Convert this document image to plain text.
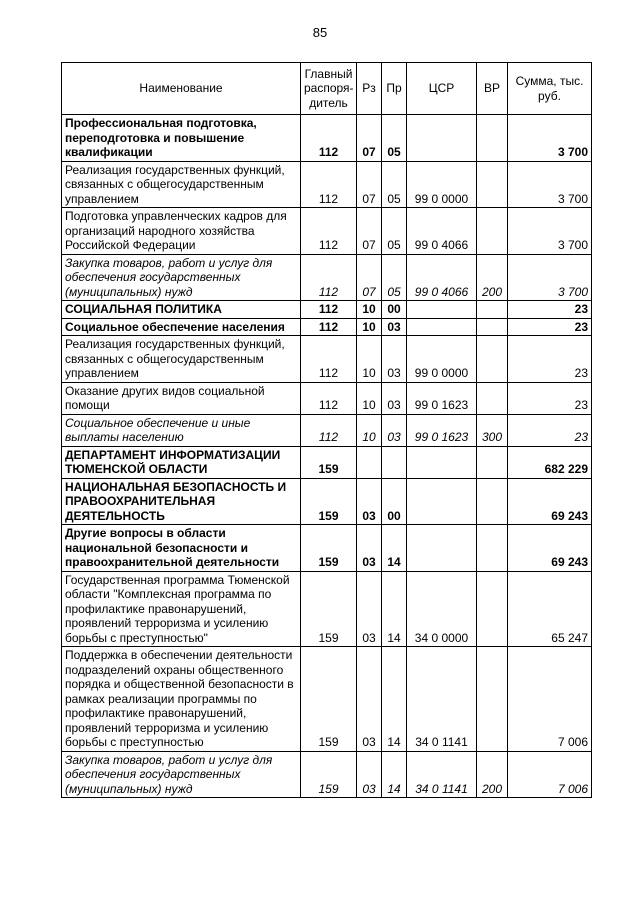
85
Наименование	Главный распоря-дитель	Рз	Пр	ЦСР	ВР	Сумма, тыс. руб.
Профессиональная подготовка, переподготовка и повышение квалификации	112	07	05			3 700
Реализация государственных функций, связанных с общегосударственным управлением	112	07	05	99 0 0000		3 700
Подготовка управленческих кадров для организаций народного хозяйства Российской Федерации	112	07	05	99 0 4066		3 700
Закупка товаров, работ и услуг для обеспечения государственных (муниципальных) нужд	112	07	05	99 0 4066	200	3 700
СОЦИАЛЬНАЯ ПОЛИТИКА	112	10	00			23
Социальное обеспечение населения	112	10	03			23
Реализация государственных функций, связанных с общегосударственным управлением	112	10	03	99 0 0000		23
Оказание других видов социальной помощи	112	10	03	99 0 1623		23
Социальное обеспечение и иные выплаты населению	112	10	03	99 0 1623	300	23
ДЕПАРТАМЕНТ ИНФОРМАТИЗАЦИИ ТЮМЕНСКОЙ ОБЛАСТИ	159					682 229
НАЦИОНАЛЬНАЯ БЕЗОПАСНОСТЬ И ПРАВООХРАНИТЕЛЬНАЯ ДЕЯТЕЛЬНОСТЬ	159	03	00			69 243
Другие вопросы в области национальной безопасности и правоохранительной деятельности	159	03	14			69 243
Государственная программа Тюменской области "Комплексная программа по профилактике правонарушений, проявлений терроризма и усилению борьбы с преступностью"	159	03	14	34 0 0000		65 247
Поддержка в обеспечении деятельности подразделений охраны общественного порядка и общественной безопасности в рамках реализации программы по профилактике правонарушений, проявлений терроризма и усилению борьбы с преступностью	159	03	14	34 0 1141		7 006
Закупка товаров, работ и услуг для обеспечения государственных (муниципальных) нужд	159	03	14	34 0 1141	200	7 006
